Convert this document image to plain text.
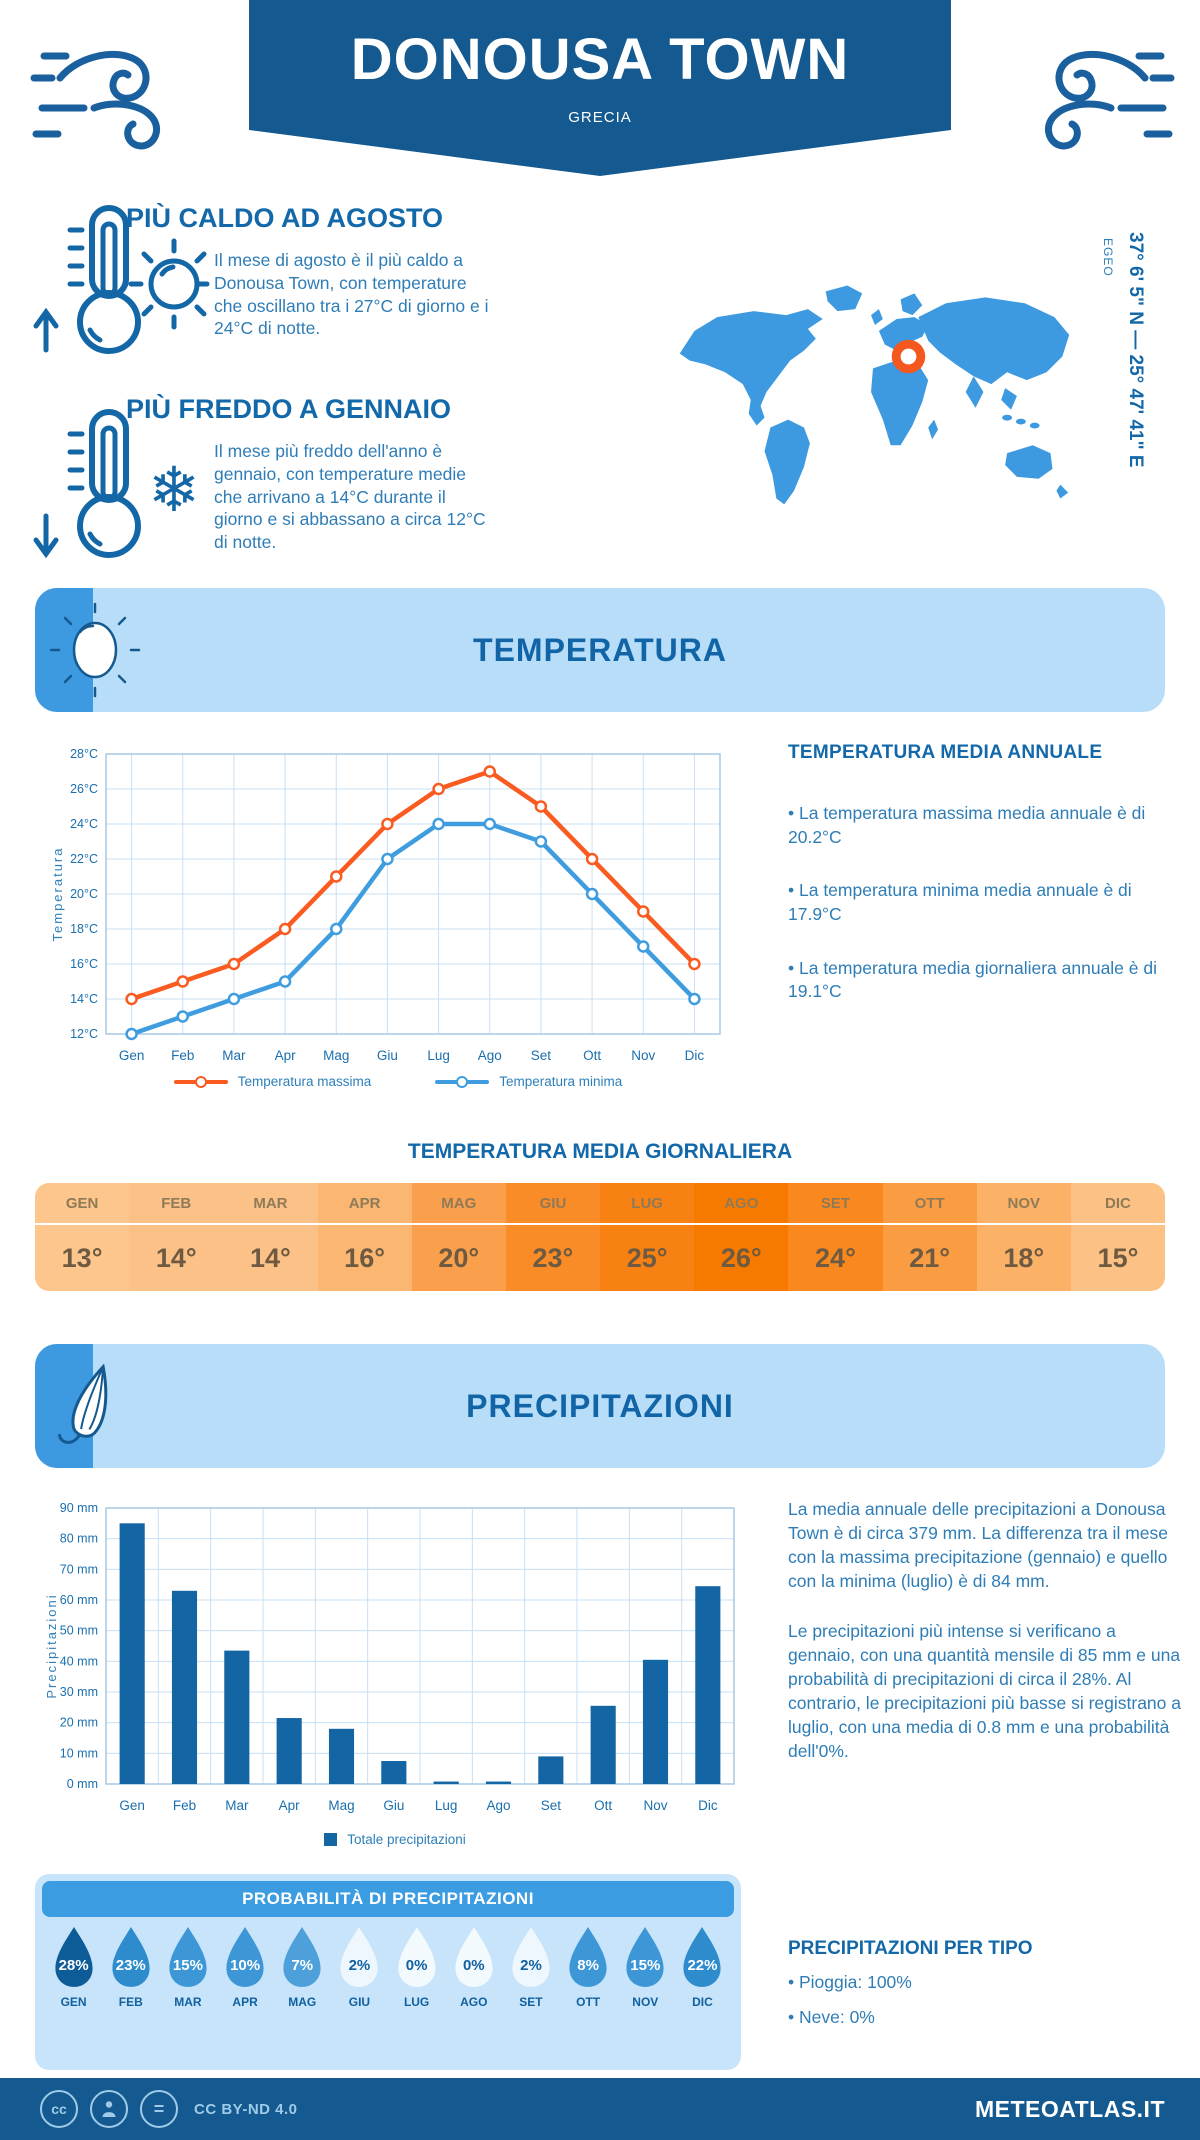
DONOUSA TOWN
GRECIA
PIÙ CALDO AD AGOSTO
Il mese di agosto è il più caldo a Donousa Town, con temperature che oscillano tra i 27°C di giorno e i 24°C di notte.
❄
PIÙ FREDDO A GENNAIO
Il mese più freddo dell'anno è gennaio, con temperature medie che arrivano a 14°C durante il giorno e si abbassano a circa 12°C di notte.
37° 6' 5" N — 25° 47' 41" E
EGEO
TEMPERATURA
12°C
14°C
16°C
18°C
20°C
22°C
24°C
26°C
28°C
Gen Feb Mar Apr Mag Giu Lug Ago Set Ott Nov Dic
Temperatura
Temperatura massima	Temperatura minima
TEMPERATURA MEDIA ANNUALE

• La temperatura massima media annuale è di 20.2°C

• La temperatura minima media annuale è di 17.9°C

• La temperatura media giornaliera annuale è di 19.1°C

TEMPERATURA MEDIA GIORNALIERA
GEN
13°
FEB
14°
MAR
14°
APR
16°
MAG
20°
GIU
23°
LUG
25°
AGO
26°
SET
24°
OTT
21°
NOV
18°
DIC
15°
PRECIPITAZIONI
0 mm
10 mm
20 mm
30 mm
40 mm
50 mm
60 mm
70 mm
80 mm
90 mm
Gen Feb Mar Apr Mag Giu Lug Ago Set Ott Nov Dic
Precipitazioni
Totale precipitazioni

La media annuale delle precipitazioni a Donousa Town è di circa 379 mm. La differenza tra il mese con la massima precipitazione (gennaio) e quello con la minima (luglio) è di 84 mm.

Le precipitazioni più intense si verificano a gennaio, con una quantità mensile di 85 mm e una probabilità di precipitazioni di circa il 28%. Al contrario, le precipitazioni più basse si registrano a luglio, con una media di 0.8 mm e una probabilità dell'0%.

PROBABILITÀ DI PRECIPITAZIONI
28%
GEN
23%
FEB
15%
MAR
10%
APR
7%
MAG
2%
GIU
0%
LUG
0%
AGO
2%
SET
8%
OTT
15%
NOV
22%
DIC
PRECIPITAZIONI PER TIPO

• Pioggia: 100%

• Neve: 0%

cc	= CC BY-ND 4.0	METEOATLAS.IT
